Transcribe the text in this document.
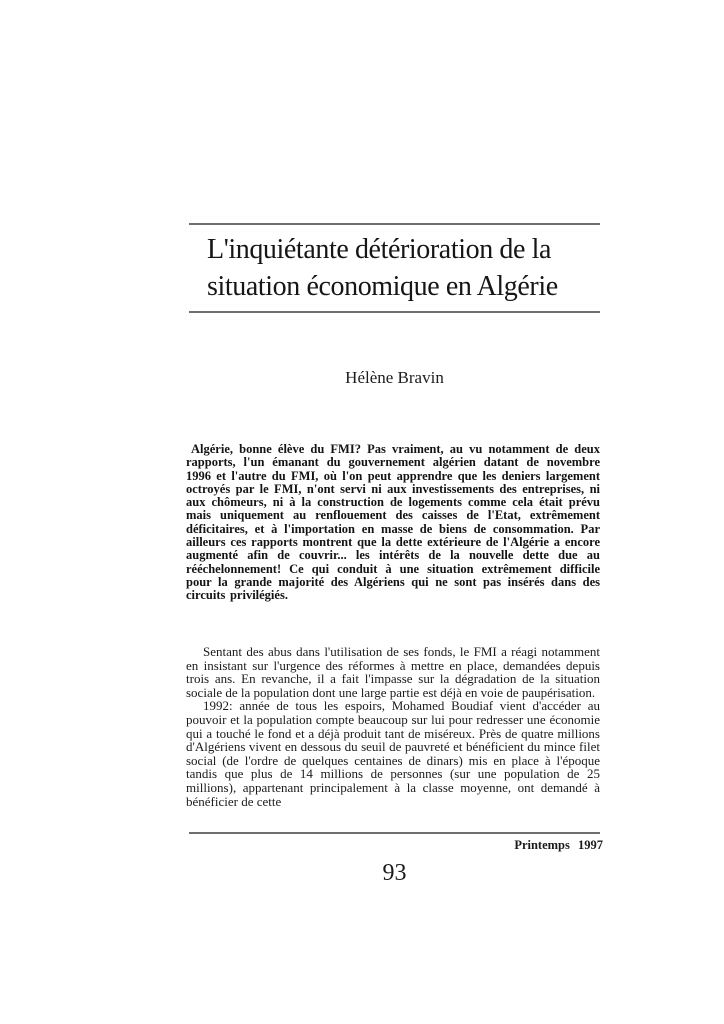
L'inquiétante détérioration de la
situation économique en Algérie
Hélène Bravin

Algérie, bonne élève du FMI? Pas vraiment, au vu notamment de deux rapports, l'un émanant du gouvernement algérien datant de novembre 1996 et l'autre du FMI, où l'on peut apprendre que les deniers largement octroyés par le FMI, n'ont servi ni aux investissements des entreprises, ni aux chômeurs, ni à la construction de logements comme cela était prévu mais uniquement au renflouement des caisses de l'Etat, extrêmement déficitaires, et à l'importation en masse de biens de consommation. Par ailleurs ces rapports montrent que la dette extérieure de l'Algérie a encore augmenté afin de couvrir... les intérêts de la nouvelle dette due au rééchelonnement! Ce qui conduit à une situation extrêmement difficile pour la grande majorité des Algériens qui ne sont pas insérés dans des circuits privilégiés.

Sentant des abus dans l'utilisation de ses fonds, le FMI a réagi notamment en insistant sur l'urgence des réformes à mettre en place, demandées depuis trois ans. En revanche, il a fait l'impasse sur la dégradation de la situation sociale de la population dont une large partie est déjà en voie de paupérisation.

1992: année de tous les espoirs, Mohamed Boudiaf vient d'accéder au pouvoir et la population compte beaucoup sur lui pour redresser une économie qui a touché le fond et a déjà produit tant de miséreux. Près de quatre millions d'Algériens vivent en dessous du seuil de pauvreté et bénéficient du mince filet social (de l'ordre de quelques centaines de dinars) mis en place à l'époque tandis que plus de 14 millions de personnes (sur une population de 25 millions), appartenant principalement à la classe moyenne, ont demandé à bénéficier de cette

Printemps 1997
93
